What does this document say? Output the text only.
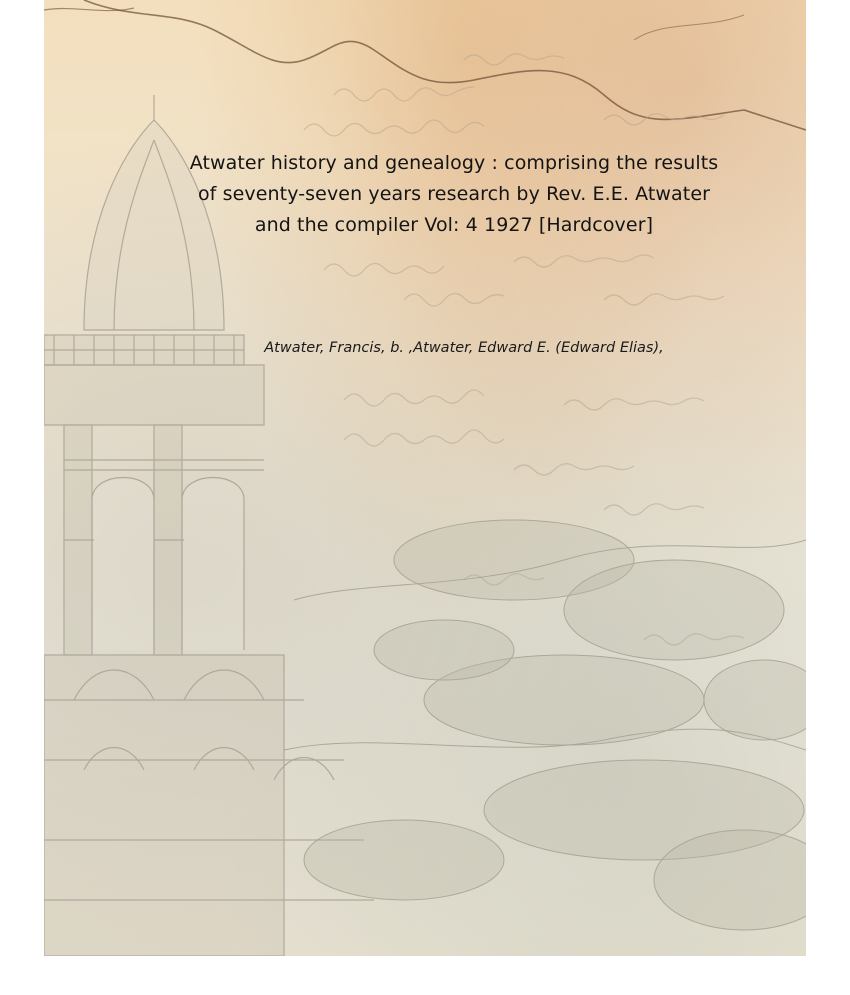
Atwater history and genealogy : comprising the results
of seventy-seven years research by Rev. E.E. Atwater
and the compiler Vol: 4 1927 [Hardcover]
Atwater, Francis, b. ,Atwater, Edward E. (Edward Elias),
